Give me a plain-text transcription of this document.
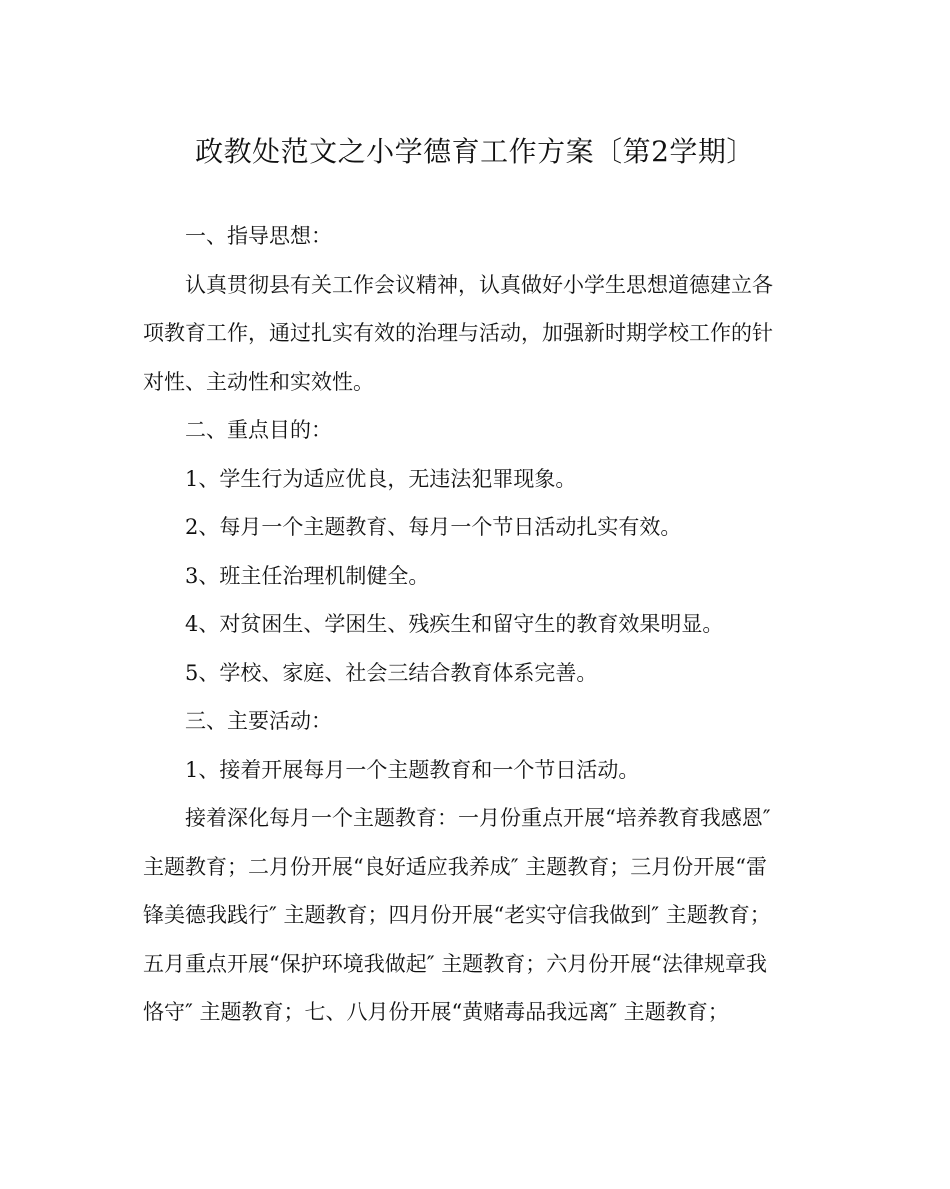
政教处范文之小学德育工作方案〔第2学期〕

一、指导思想：

认真贯彻县有关工作会议精神，认真做好小学生思想道德建立各
项教育工作，通过扎实有效的治理与活动，加强新时期学校工作的针
对性、主动性和实效性。

二、重点目的：

1、学生行为适应优良，无违法犯罪现象。

2、每月一个主题教育、每月一个节日活动扎实有效。

3、班主任治理机制健全。

4、对贫困生、学困生、残疾生和留守生的教育效果明显。

5、学校、家庭、社会三结合教育体系完善。

三、主要活动：

1、接着开展每月一个主题教育和一个节日活动。

接着深化每月一个主题教育：一月份重点开展“培养教育我感恩″
主题教育；二月份开展“良好适应我养成″ 主题教育；三月份开展“雷
锋美德我践行″ 主题教育；四月份开展“老实守信我做到″ 主题教育；
五月重点开展“保护环境我做起″ 主题教育；六月份开展“法律规章我
恪守″ 主题教育；七、八月份开展“黄赌毒品我远离″ 主题教育；
